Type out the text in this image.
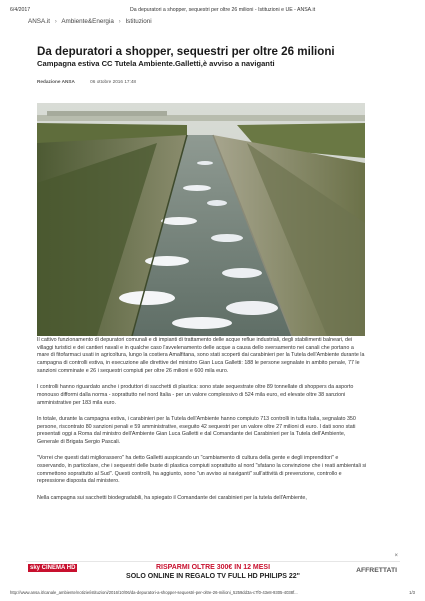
6/4/2017	Da depuratori a shopper, sequestri per oltre 26 milioni - Istituzioni e UE - ANSA.it
ANSA.it › Ambiente&Energia › Istituzioni
Da depuratori a shopper, sequestri per oltre 26 milioni
Campagna estiva CC Tutela Ambiente.Galletti,è avviso a naviganti
Redazione ANSA	06 ottobre 2016 17:48

Il cattivo funzionamento di depuratori comunali e di impianti di trattamento delle acque reflue industriali, degli stabilimenti balneari, dei villaggi turistici e dei cantieri navali e in qualche caso l'avvelenamento delle acque a causa dello sversamento nei canali che portano a mare di fitofarmaci usati in agricoltura, lungo la costiera Amalfitana, sono stati scoperti dai carabinieri per la Tutela dell'Ambiente durante la campagna di controlli estiva, in esecuzione alle direttive del ministro Gian Luca Galletti: 188 le persone segnalate in ambito penale, 77 le sanzioni comminate e 26 i sequestri compiuti per oltre 26 milioni e 600 mila euro.

I controlli hanno riguardato anche i produttori di sacchetti di plastica: sono state sequestrate oltre 89 tonnellate di shoppers da asporto monouso difformi dalla norma - soprattutto nel nord Italia - per un valore complessivo di 524 mila euro, ed elevate oltre 38 sanzioni amministrative per 183 mila euro.

In totale, durante la campagna estiva, i carabinieri per la Tutela dell'Ambiente hanno compiuto 713 controlli in tutta Italia, segnalato 350 persone, riscontrato 80 sanzioni penali e 59 amministrative, eseguito 42 sequestri per un valore oltre 27 milioni di euro. I dati sono stati presentati oggi a Roma dal ministro dell'Ambiente Gian Luca Galletti e dal Comandante dei Carabinieri per la Tutela dell'Ambiente, Generale di Brigata Sergio Pascali.

"Vorrei che questi dati migliorassero" ha detto Galletti auspicando un "cambiamento di cultura della gente e degli imprenditori" e osservando, in particolare, che i sequestri delle buste di plastica compiuti soprattutto al nord "sfatano la convinzione che i reati ambientali si commettono soprattutto al Sud". Questi controlli, ha aggiunto, sono "un avviso ai naviganti" sull'attività di prevenzione, controllo e repressione disposta dal ministero.

Nella campagna sui sacchetti biodegradabili, ha spiegato il Comandante dei carabinieri per la tutela dell'Ambiente,

×
sky CINEMA HD	RISPARMI OLTRE 300€ IN 12 MESI
SOLO ONLINE IN REGALO TV FULL HD PHILIPS 22"
AFFRETTATI
http://www.ansa.it/canale_ambiente/notizie/istituzioni/2016/10/06/da-depuratori-a-shopper-sequestri-per-oltre-26-milioni_5259dd3a-c7f0-43e8-9305-4038f...	1/3
